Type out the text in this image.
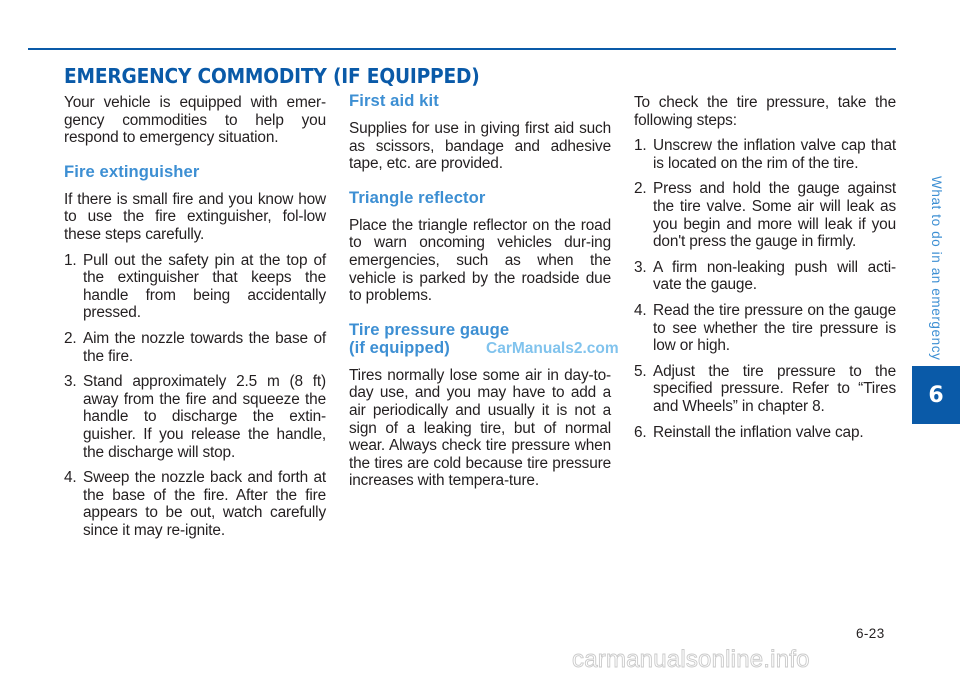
EMERGENCY COMMODITY (IF EQUIPPED)

Your vehicle is equipped with emer-gency commodities to help you respond to emergency situation.

Fire extinguisher

If there is small fire and you know how to use the fire extinguisher, fol-low these steps carefully.

1. Pull out the safety pin at the top of the extinguisher that keeps the handle from being accidentally pressed.
2. Aim the nozzle towards the base of the fire.
3. Stand approximately 2.5 m (8 ft) away from the fire and squeeze the handle to discharge the extin-guisher. If you release the handle, the discharge will stop.
4. Sweep the nozzle back and forth at the base of the fire. After the fire appears to be out, watch carefully since it may re-ignite.
First aid kit

Supplies for use in giving first aid such as scissors, bandage and adhesive tape, etc. are provided.

Triangle reflector

Place the triangle reflector on the road to warn oncoming vehicles dur-ing emergencies, such as when the vehicle is parked by the roadside due to problems.

Tire pressure gauge
(if equipped)

Tires normally lose some air in day-to-day use, and you may have to add a air periodically and usually it is not a sign of a leaking tire, but of normal wear. Always check tire pressure when the tires are cold because tire pressure increases with tempera-ture.

To check the tire pressure, take the following steps:

1. Unscrew the inflation valve cap that is located on the rim of the tire.
2. Press and hold the gauge against the tire valve. Some air will leak as you begin and more will leak if you don't press the gauge in firmly.
3. A firm non-leaking push will acti-vate the gauge.
4. Read the tire pressure on the gauge to see whether the tire pressure is low or high.
5. Adjust the tire pressure to the specified pressure. Refer to “Tires and Wheels” in chapter 8.
6. Reinstall the inflation valve cap.
What to do in an emergency
6
CarManuals2.com
6-23
carmanualsonline.info
